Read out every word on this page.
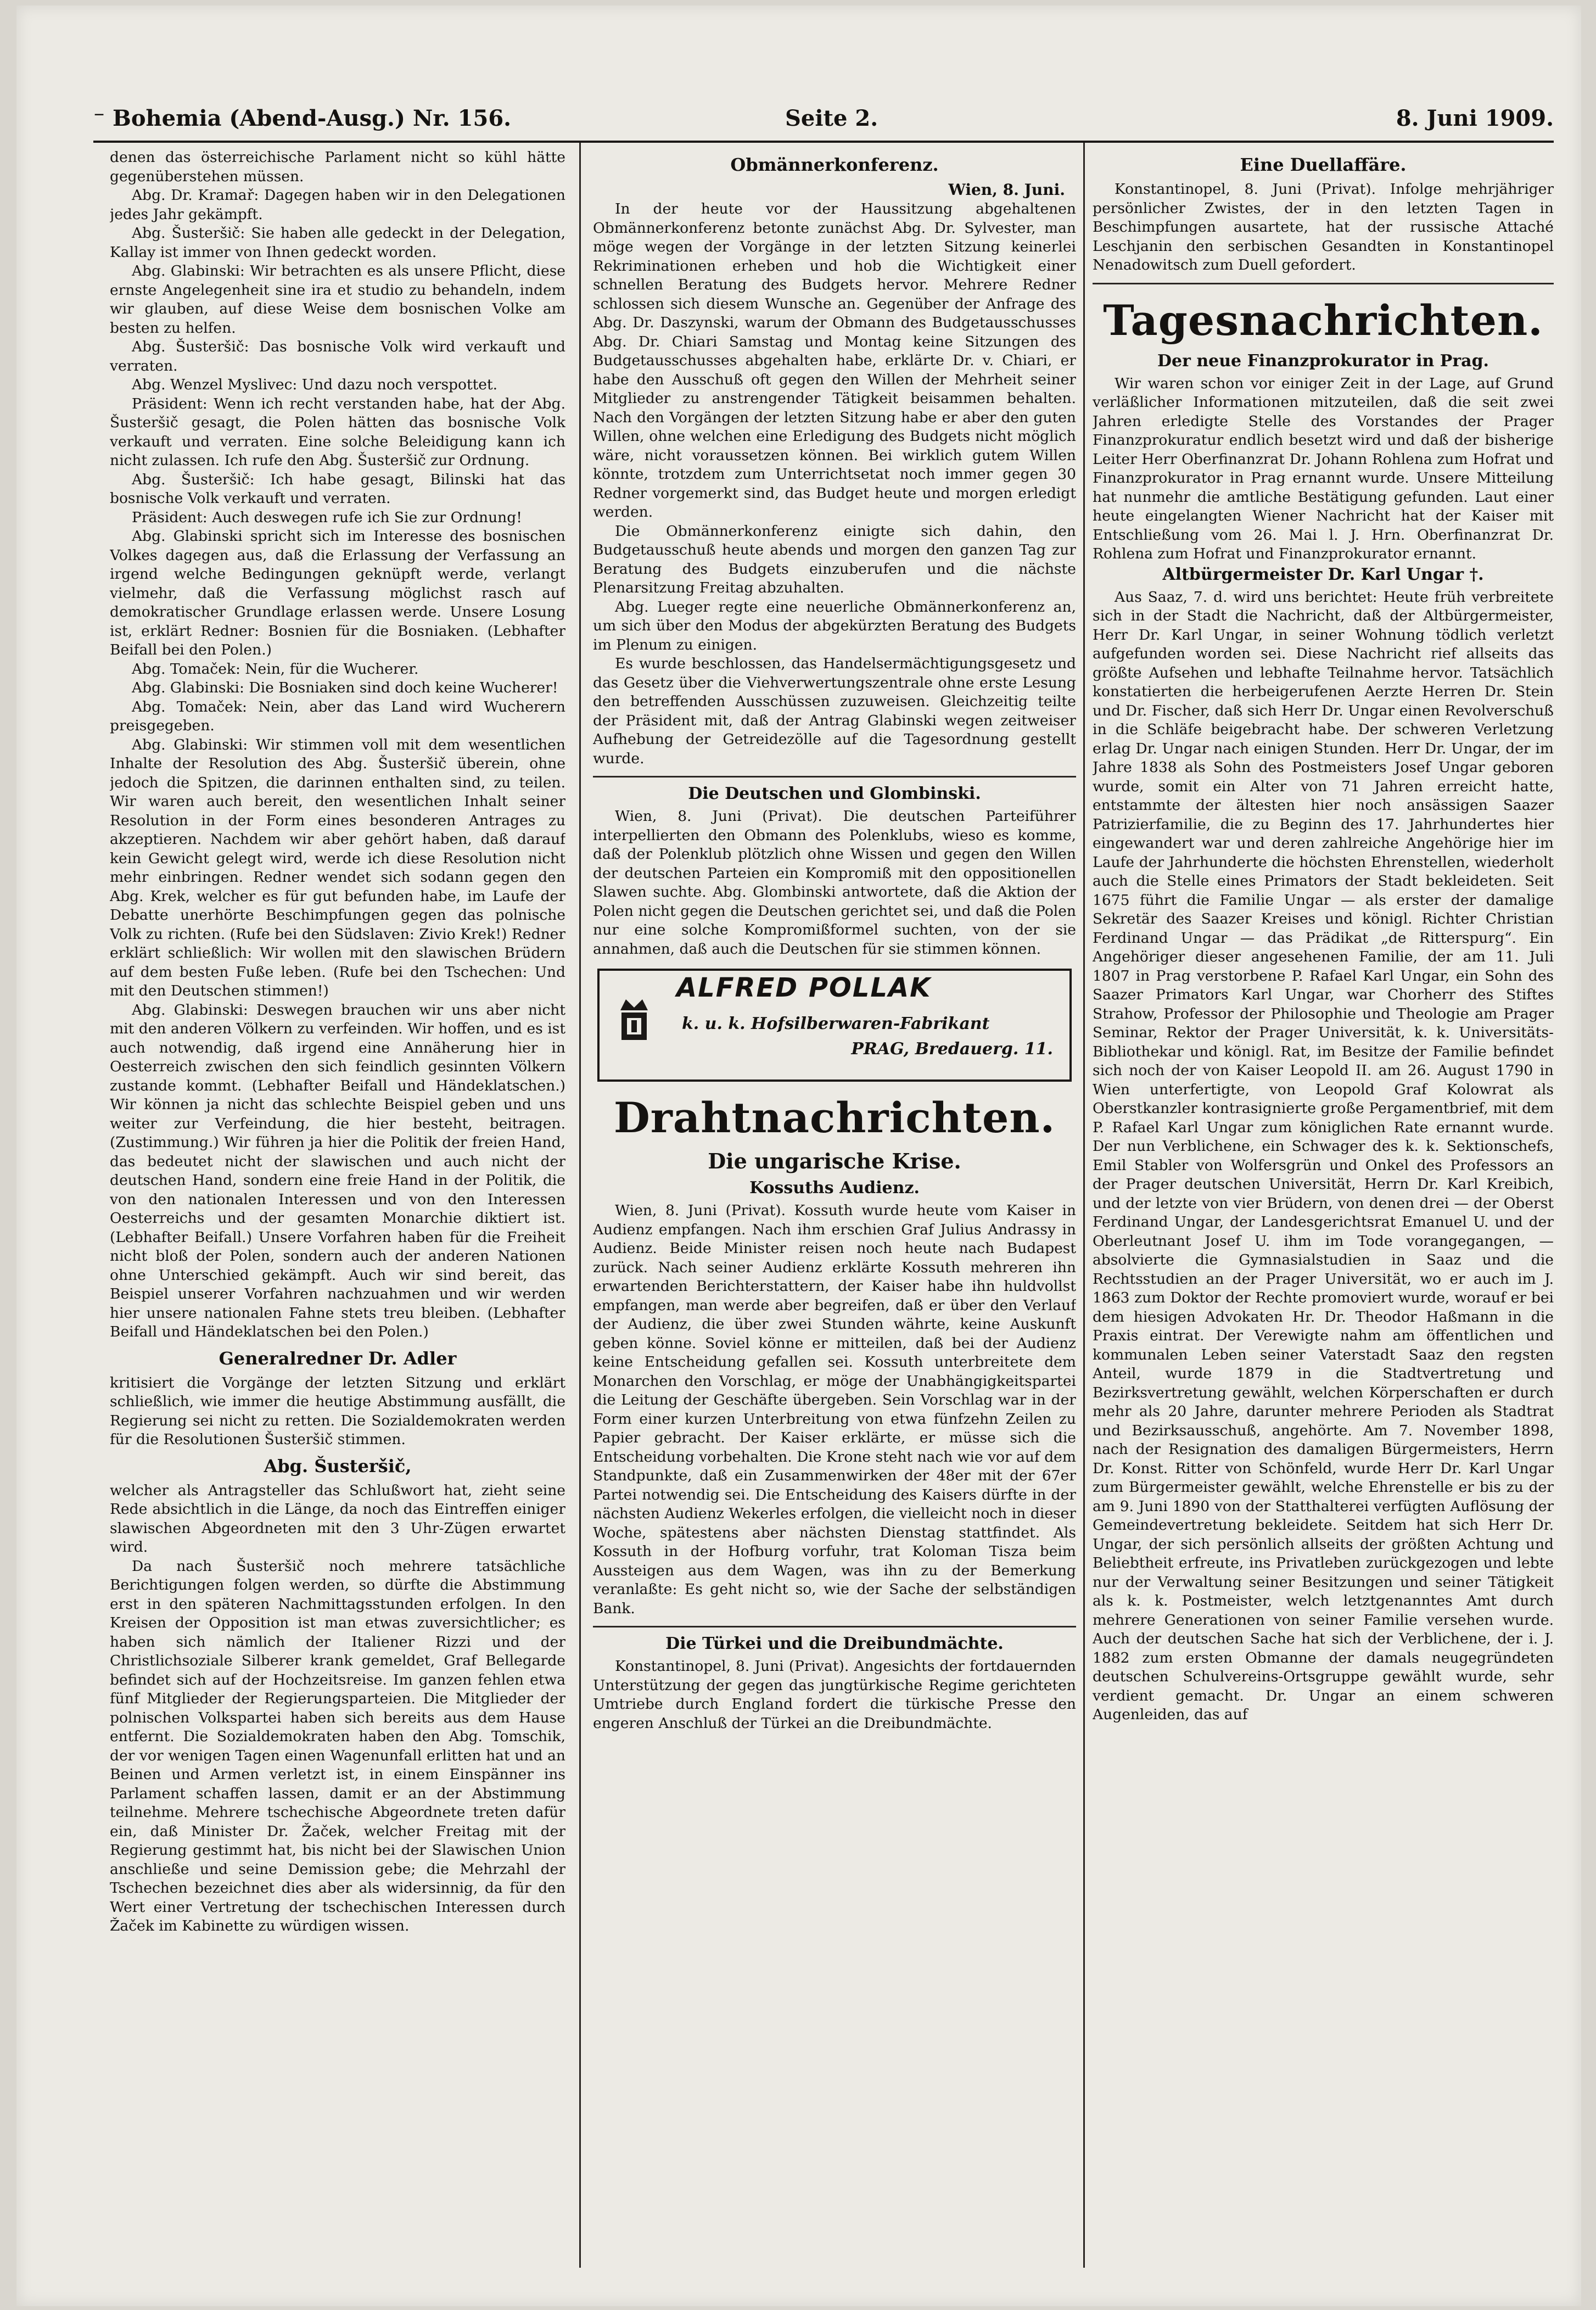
⁻ Bohemia (Abend-Ausg.) Nr. 156.	Seite 2.	8. Juni 1909.

denen das österreichische Parlament nicht so kühl hätte gegenüberstehen müssen.

Abg. Dr. Kramař: Dagegen haben wir in den Delegationen jedes Jahr gekämpft.

Abg. Šusteršič: Sie haben alle gedeckt in der Delegation, Kallay ist immer von Ihnen gedeckt worden.

Abg. Glabinski: Wir betrachten es als unsere Pflicht, diese ernste Angelegenheit sine ira et studio zu behandeln, indem wir glauben, auf diese Weise dem bosnischen Volke am besten zu helfen.

Abg. Šusteršič: Das bosnische Volk wird verkauft und verraten.

Abg. Wenzel Myslivec: Und dazu noch verspottet.

Präsident: Wenn ich recht verstanden habe, hat der Abg. Šusteršič gesagt, die Polen hätten das bosnische Volk verkauft und verraten. Eine solche Beleidigung kann ich nicht zulassen. Ich rufe den Abg. Šusteršič zur Ordnung.

Abg. Šusteršič: Ich habe gesagt, Bilinski hat das bosnische Volk verkauft und verraten.

Präsident: Auch deswegen rufe ich Sie zur Ordnung!

Abg. Glabinski spricht sich im Interesse des bosnischen Volkes dagegen aus, daß die Erlassung der Verfassung an irgend welche Bedingungen geknüpft werde, verlangt vielmehr, daß die Verfassung möglichst rasch auf demokratischer Grundlage erlassen werde. Unsere Losung ist, erklärt Redner: Bosnien für die Bosniaken. (Lebhafter Beifall bei den Polen.)

Abg. Tomaček: Nein, für die Wucherer.

Abg. Glabinski: Die Bosniaken sind doch keine Wucherer!

Abg. Tomaček: Nein, aber das Land wird Wucherern preisgegeben.

Abg. Glabinski: Wir stimmen voll mit dem wesentlichen Inhalte der Resolution des Abg. Šusteršič überein, ohne jedoch die Spitzen, die darinnen enthalten sind, zu teilen. Wir waren auch bereit, den wesentlichen Inhalt seiner Resolution in der Form eines besonderen Antrages zu akzeptieren. Nachdem wir aber gehört haben, daß darauf kein Gewicht gelegt wird, werde ich diese Resolution nicht mehr einbringen. Redner wendet sich sodann gegen den Abg. Krek, welcher es für gut befunden habe, im Laufe der Debatte unerhörte Beschimpfungen gegen das polnische Volk zu richten. (Rufe bei den Südslaven: Zivio Krek!) Redner erklärt schließlich: Wir wollen mit den slawischen Brüdern auf dem besten Fuße leben. (Rufe bei den Tschechen: Und mit den Deutschen stimmen!)

Abg. Glabinski: Deswegen brauchen wir uns aber nicht mit den anderen Völkern zu verfeinden. Wir hoffen, und es ist auch notwendig, daß irgend eine Annäherung hier in Oesterreich zwischen den sich feindlich gesinnten Völkern zustande kommt. (Lebhafter Beifall und Händeklatschen.) Wir können ja nicht das schlechte Beispiel geben und uns weiter zur Verfeindung, die hier besteht, beitragen. (Zustimmung.) Wir führen ja hier die Politik der freien Hand, das bedeutet nicht der slawischen und auch nicht der deutschen Hand, sondern eine freie Hand in der Politik, die von den nationalen Interessen und von den Interessen Oesterreichs und der gesamten Monarchie diktiert ist. (Lebhafter Beifall.) Unsere Vorfahren haben für die Freiheit nicht bloß der Polen, sondern auch der anderen Nationen ohne Unterschied gekämpft. Auch wir sind bereit, das Beispiel unserer Vorfahren nachzuahmen und wir werden hier unsere nationalen Fahne stets treu bleiben. (Lebhafter Beifall und Händeklatschen bei den Polen.)

Generalredner Dr. Adler

kritisiert die Vorgänge der letzten Sitzung und erklärt schließlich, wie immer die heutige Abstimmung ausfällt, die Regierung sei nicht zu retten. Die Sozialdemokraten werden für die Resolutionen Šusteršič stimmen.

Abg. Šusteršič,

welcher als Antragsteller das Schlußwort hat, zieht seine Rede absichtlich in die Länge, da noch das Eintreffen einiger slawischen Abgeordneten mit den 3 Uhr-Zügen erwartet wird.

Da nach Šusteršič noch mehrere tatsächliche Berichtigungen folgen werden, so dürfte die Abstimmung erst in den späteren Nachmittagsstunden erfolgen. In den Kreisen der Opposition ist man etwas zuversichtlicher; es haben sich nämlich der Italiener Rizzi und der Christlichsoziale Silberer krank gemeldet, Graf Bellegarde befindet sich auf der Hochzeitsreise. Im ganzen fehlen etwa fünf Mitglieder der Regierungsparteien. Die Mitglieder der polnischen Volkspartei haben sich bereits aus dem Hause entfernt. Die Sozialdemokraten haben den Abg. Tomschik, der vor wenigen Tagen einen Wagenunfall erlitten hat und an Beinen und Armen verletzt ist, in einem Einspänner ins Parlament schaffen lassen, damit er an der Abstimmung teilnehme. Mehrere tschechische Abgeordnete treten dafür ein, daß Minister Dr. Žaček, welcher Freitag mit der Regierung gestimmt hat, bis nicht bei der Slawischen Union anschließe und seine Demission gebe; die Mehrzahl der Tschechen bezeichnet dies aber als widersinnig, da für den Wert einer Vertretung der tschechischen Interessen durch Žaček im Kabinette zu würdigen wissen.

Obmännerkonferenz.
Wien, 8. Juni.

In der heute vor der Haussitzung abgehaltenen Obmännerkonferenz betonte zunächst Abg. Dr. Sylvester, man möge wegen der Vorgänge in der letzten Sitzung keinerlei Rekriminationen erheben und hob die Wichtigkeit einer schnellen Beratung des Budgets hervor. Mehrere Redner schlossen sich diesem Wunsche an. Gegenüber der Anfrage des Abg. Dr. Daszynski, warum der Obmann des Budgetausschusses Abg. Dr. Chiari Samstag und Montag keine Sitzungen des Budgetausschusses abgehalten habe, erklärte Dr. v. Chiari, er habe den Ausschuß oft gegen den Willen der Mehrheit seiner Mitglieder zu anstrengender Tätigkeit beisammen behalten. Nach den Vorgängen der letzten Sitzung habe er aber den guten Willen, ohne welchen eine Erledigung des Budgets nicht möglich wäre, nicht voraussetzen können. Bei wirklich gutem Willen könnte, trotzdem zum Unterrichtsetat noch immer gegen 30 Redner vorgemerkt sind, das Budget heute und morgen erledigt werden.

Die Obmännerkonferenz einigte sich dahin, den Budgetausschuß heute abends und morgen den ganzen Tag zur Beratung des Budgets einzuberufen und die nächste Plenarsitzung Freitag abzuhalten.

Abg. Lueger regte eine neuerliche Obmännerkonferenz an, um sich über den Modus der abgekürzten Beratung des Budgets im Plenum zu einigen.

Es wurde beschlossen, das Handelsermächtigungsgesetz und das Gesetz über die Viehverwertungszentrale ohne erste Lesung den betreffenden Ausschüssen zuzuweisen. Gleichzeitig teilte der Präsident mit, daß der Antrag Glabinski wegen zeitweiser Aufhebung der Getreidezölle auf die Tagesordnung gestellt wurde.

Die Deutschen und Glombinski.

Wien, 8. Juni (Privat). Die deutschen Parteiführer interpellierten den Obmann des Polenklubs, wieso es komme, daß der Polenklub plötzlich ohne Wissen und gegen den Willen der deutschen Parteien ein Kompromiß mit den oppositionellen Slawen suchte. Abg. Glombinski antwortete, daß die Aktion der Polen nicht gegen die Deutschen gerichtet sei, und daß die Polen nur eine solche Kompromißformel suchten, von der sie annahmen, daß auch die Deutschen für sie stimmen können.

ALFRED POLLAK
k. u. k. Hofsilberwaren-Fabrikant
PRAG, Bredauerg. 11.
Drahtnachrichten.
Die ungarische Krise.
Kossuths Audienz.

Wien, 8. Juni (Privat). Kossuth wurde heute vom Kaiser in Audienz empfangen. Nach ihm erschien Graf Julius Andrassy in Audienz. Beide Minister reisen noch heute nach Budapest zurück. Nach seiner Audienz erklärte Kossuth mehreren ihn erwartenden Berichterstattern, der Kaiser habe ihn huldvollst empfangen, man werde aber begreifen, daß er über den Verlauf der Audienz, die über zwei Stunden währte, keine Auskunft geben könne. Soviel könne er mitteilen, daß bei der Audienz keine Entscheidung gefallen sei. Kossuth unterbreitete dem Monarchen den Vorschlag, er möge der Unabhängigkeitspartei die Leitung der Geschäfte übergeben. Sein Vorschlag war in der Form einer kurzen Unterbreitung von etwa fünfzehn Zeilen zu Papier gebracht. Der Kaiser erklärte, er müsse sich die Entscheidung vorbehalten. Die Krone steht nach wie vor auf dem Standpunkte, daß ein Zusammenwirken der 48er mit der 67er Partei notwendig sei. Die Entscheidung des Kaisers dürfte in der nächsten Audienz Wekerles erfolgen, die vielleicht noch in dieser Woche, spätestens aber nächsten Dienstag stattfindet. Als Kossuth in der Hofburg vorfuhr, trat Koloman Tisza beim Aussteigen aus dem Wagen, was ihn zu der Bemerkung veranlaßte: Es geht nicht so, wie der Sache der selbständigen Bank.

Die Türkei und die Dreibundmächte.

Konstantinopel, 8. Juni (Privat). Angesichts der fortdauernden Unterstützung der gegen das jungtürkische Regime gerichteten Umtriebe durch England fordert die türkische Presse den engeren Anschluß der Türkei an die Dreibundmächte.

Eine Duellaffäre.

Konstantinopel, 8. Juni (Privat). Infolge mehrjähriger persönlicher Zwistes, der in den letzten Tagen in Beschimpfungen ausartete, hat der russische Attaché Leschjanin den serbischen Gesandten in Konstantinopel Nenadowitsch zum Duell gefordert.

Tagesnachrichten.
Der neue Finanzprokurator in Prag.

Wir waren schon vor einiger Zeit in der Lage, auf Grund verläßlicher Informationen mitzuteilen, daß die seit zwei Jahren erledigte Stelle des Vorstandes der Prager Finanzprokuratur endlich besetzt wird und daß der bisherige Leiter Herr Oberfinanzrat Dr. Johann Rohlena zum Hofrat und Finanzprokurator in Prag ernannt wurde. Unsere Mitteilung hat nunmehr die amtliche Bestätigung gefunden. Laut einer heute eingelangten Wiener Nachricht hat der Kaiser mit Entschließung vom 26. Mai l. J. Hrn. Oberfinanzrat Dr. Rohlena zum Hofrat und Finanzprokurator ernannt.

Altbürgermeister Dr. Karl Ungar †.

Aus Saaz, 7. d. wird uns berichtet: Heute früh verbreitete sich in der Stadt die Nachricht, daß der Altbürgermeister, Herr Dr. Karl Ungar, in seiner Wohnung tödlich verletzt aufgefunden worden sei. Diese Nachricht rief allseits das größte Aufsehen und lebhafte Teilnahme hervor. Tatsächlich konstatierten die herbeigerufenen Aerzte Herren Dr. Stein und Dr. Fischer, daß sich Herr Dr. Ungar einen Revolverschuß in die Schläfe beigebracht habe. Der schweren Verletzung erlag Dr. Ungar nach einigen Stunden. Herr Dr. Ungar, der im Jahre 1838 als Sohn des Postmeisters Josef Ungar geboren wurde, somit ein Alter von 71 Jahren erreicht hatte, entstammte der ältesten hier noch ansässigen Saazer Patrizierfamilie, die zu Beginn des 17. Jahrhundertes hier eingewandert war und deren zahlreiche Angehörige hier im Laufe der Jahrhunderte die höchsten Ehrenstellen, wiederholt auch die Stelle eines Primators der Stadt bekleideten. Seit 1675 führt die Familie Ungar — als erster der damalige Sekretär des Saazer Kreises und königl. Richter Christian Ferdinand Ungar — das Prädikat „de Ritterspurg“. Ein Angehöriger dieser angesehenen Familie, der am 11. Juli 1807 in Prag verstorbene P. Rafael Karl Ungar, ein Sohn des Saazer Primators Karl Ungar, war Chorherr des Stiftes Strahow, Professor der Philosophie und Theologie am Prager Seminar, Rektor der Prager Universität, k. k. Universitäts-Bibliothekar und königl. Rat, im Besitze der Familie befindet sich noch der von Kaiser Leopold II. am 26. August 1790 in Wien unterfertigte, von Leopold Graf Kolowrat als Oberstkanzler kontrasignierte große Pergamentbrief, mit dem P. Rafael Karl Ungar zum königlichen Rate ernannt wurde. Der nun Verblichene, ein Schwager des k. k. Sektionschefs, Emil Stabler von Wolfersgrün und Onkel des Professors an der Prager deutschen Universität, Herrn Dr. Karl Kreibich, und der letzte von vier Brüdern, von denen drei — der Oberst Ferdinand Ungar, der Landesgerichtsrat Emanuel U. und der Oberleutnant Josef U. ihm im Tode vorangegangen, — absolvierte die Gymnasialstudien in Saaz und die Rechtsstudien an der Prager Universität, wo er auch im J. 1863 zum Doktor der Rechte promoviert wurde, worauf er bei dem hiesigen Advokaten Hr. Dr. Theodor Haßmann in die Praxis eintrat. Der Verewigte nahm am öffentlichen und kommunalen Leben seiner Vaterstadt Saaz den regsten Anteil, wurde 1879 in die Stadtvertretung und Bezirksvertretung gewählt, welchen Körperschaften er durch mehr als 20 Jahre, darunter mehrere Perioden als Stadtrat und Bezirksausschuß, angehörte. Am 7. November 1898, nach der Resignation des damaligen Bürgermeisters, Herrn Dr. Konst. Ritter von Schönfeld, wurde Herr Dr. Karl Ungar zum Bürgermeister gewählt, welche Ehrenstelle er bis zu der am 9. Juni 1890 von der Statthalterei verfügten Auflösung der Gemeindevertretung bekleidete. Seitdem hat sich Herr Dr. Ungar, der sich persönlich allseits der größten Achtung und Beliebtheit erfreute, ins Privatleben zurückgezogen und lebte nur der Verwaltung seiner Besitzungen und seiner Tätigkeit als k. k. Postmeister, welch letztgenanntes Amt durch mehrere Generationen von seiner Familie versehen wurde. Auch der deutschen Sache hat sich der Verblichene, der i. J. 1882 zum ersten Obmanne der damals neugegründeten deutschen Schulvereins-Ortsgruppe gewählt wurde, sehr verdient gemacht. Dr. Ungar an einem schweren Augenleiden, das auf
